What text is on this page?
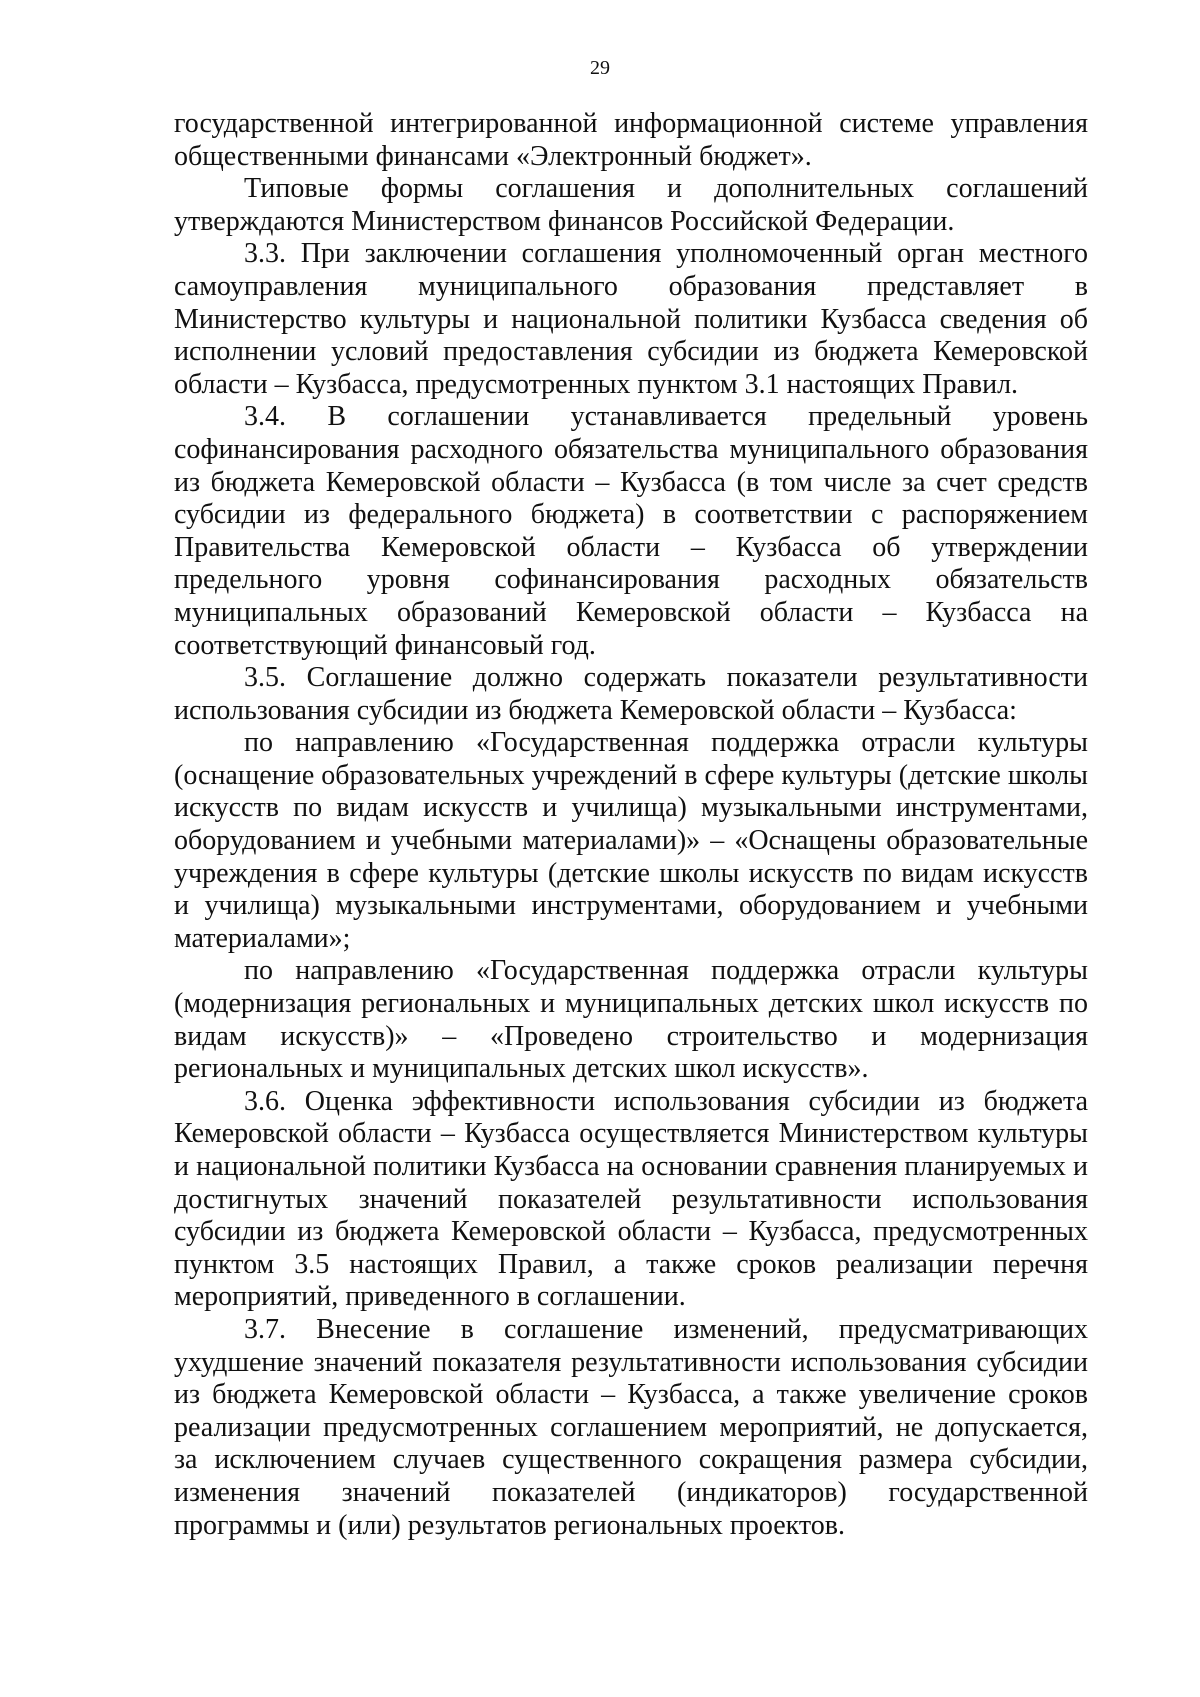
29

государственной интегрированной информационной системе управления общественными финансами «Электронный бюджет».

Типовые формы соглашения и дополнительных соглашений утверждаются Министерством финансов Российской Федерации.

3.3. При заключении соглашения уполномоченный орган местного самоуправления муниципального образования представляет в Министерство культуры и национальной политики Кузбасса сведения об исполнении условий предоставления субсидии из бюджета Кемеровской области – Кузбасса, предусмотренных пунктом 3.1 настоящих Правил.

3.4. В соглашении устанавливается предельный уровень софинансирования расходного обязательства муниципального образования из бюджета Кемеровской области – Кузбасса (в том числе за счет средств субсидии из федерального бюджета) в соответствии с распоряжением Правительства Кемеровской области – Кузбасса об утверждении предельного уровня софинансирования расходных обязательств муниципальных образований Кемеровской области – Кузбасса на соответствующий финансовый год.

3.5. Соглашение должно содержать показатели результативности использования субсидии из бюджета Кемеровской области – Кузбасса:

по направлению «Государственная поддержка отрасли культуры (оснащение образовательных учреждений в сфере культуры (детские школы искусств по видам искусств и училища) музыкальными инструментами, оборудованием и учебными материалами)» – «Оснащены образовательные учреждения в сфере культуры (детские школы искусств по видам искусств и училища) музыкальными инструментами, оборудованием и учебными материалами»;

по направлению «Государственная поддержка отрасли культуры (модернизация региональных и муниципальных детских школ искусств по видам искусств)» – «Проведено строительство и модернизация региональных и муниципальных детских школ искусств».

3.6. Оценка эффективности использования субсидии из бюджета Кемеровской области – Кузбасса осуществляется Министерством культуры и национальной политики Кузбасса на основании сравнения планируемых и достигнутых значений показателей результативности использования субсидии из бюджета Кемеровской области – Кузбасса, предусмотренных пунктом 3.5 настоящих Правил, а также сроков реализации перечня мероприятий, приведенного в соглашении.

3.7. Внесение в соглашение изменений, предусматривающих ухудшение значений показателя результативности использования субсидии из бюджета Кемеровской области – Кузбасса, а также увеличение сроков реализации предусмотренных соглашением мероприятий, не допускается, за исключением случаев существенного сокращения размера субсидии, изменения значений показателей (индикаторов) государственной программы и (или) результатов региональных проектов.
